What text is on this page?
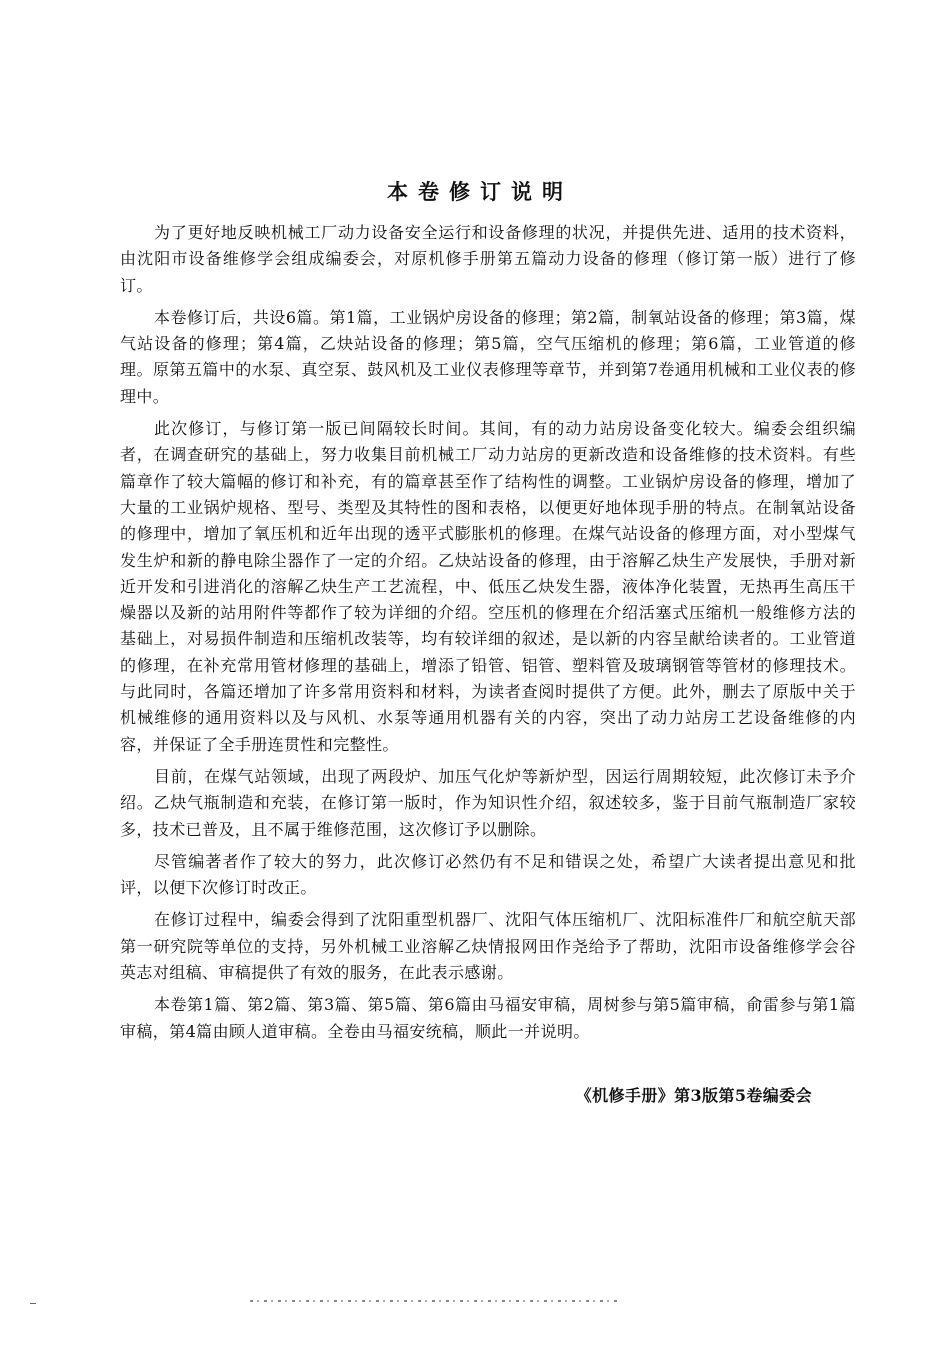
本卷修订说明

为了更好地反映机械工厂动力设备安全运行和设备修理的状况，并提供先进、适用的技术资料，由沈阳市设备维修学会组成编委会，对原机修手册第五篇动力设备的修理（修订第一版）进行了修订。

本卷修订后，共设6篇。第1篇，工业锅炉房设备的修理；第2篇，制氧站设备的修理；第3篇，煤气站设备的修理；第4篇，乙炔站设备的修理；第5篇，空气压缩机的修理；第6篇，工业管道的修理。原第五篇中的水泵、真空泵、鼓风机及工业仪表修理等章节，并到第7卷通用机械和工业仪表的修理中。

此次修订，与修订第一版已间隔较长时间。其间，有的动力站房设备变化较大。编委会组织编者，在调查研究的基础上，努力收集目前机械工厂动力站房的更新改造和设备维修的技术资料。有些篇章作了较大篇幅的修订和补充，有的篇章甚至作了结构性的调整。工业锅炉房设备的修理，增加了大量的工业锅炉规格、型号、类型及其特性的图和表格，以便更好地体现手册的特点。在制氧站设备的修理中，增加了氧压机和近年出现的透平式膨胀机的修理。在煤气站设备的修理方面，对小型煤气发生炉和新的静电除尘器作了一定的介绍。乙炔站设备的修理，由于溶解乙炔生产发展快，手册对新近开发和引进消化的溶解乙炔生产工艺流程，中、低压乙炔发生器，液体净化装置，无热再生高压干燥器以及新的站用附件等都作了较为详细的介绍。空压机的修理在介绍活塞式压缩机一般维修方法的基础上，对易损件制造和压缩机改装等，均有较详细的叙述，是以新的内容呈献给读者的。工业管道的修理，在补充常用管材修理的基础上，增添了铅管、铝管、塑料管及玻璃钢管等管材的修理技术。与此同时，各篇还增加了许多常用资料和材料，为读者查阅时提供了方便。此外，删去了原版中关于机械维修的通用资料以及与风机、水泵等通用机器有关的内容，突出了动力站房工艺设备维修的内容，并保证了全手册连贯性和完整性。

目前，在煤气站领域，出现了两段炉、加压气化炉等新炉型，因运行周期较短，此次修订未予介绍。乙炔气瓶制造和充装，在修订第一版时，作为知识性介绍，叙述较多，鉴于目前气瓶制造厂家较多，技术已普及，且不属于维修范围，这次修订予以删除。

尽管编著者作了较大的努力，此次修订必然仍有不足和错误之处，希望广大读者提出意见和批评，以便下次修订时改正。

在修订过程中，编委会得到了沈阳重型机器厂、沈阳气体压缩机厂、沈阳标准件厂和航空航天部第一研究院等单位的支持，另外机械工业溶解乙炔情报网田作尧给予了帮助，沈阳市设备维修学会谷英志对组稿、审稿提供了有效的服务，在此表示感谢。

本卷第1篇、第2篇、第3篇、第5篇、第6篇由马福安审稿，周树参与第5篇审稿，俞雷参与第1篇审稿，第4篇由顾人道审稿。全卷由马福安统稿，顺此一并说明。

《机修手册》第3版第5卷编委会
